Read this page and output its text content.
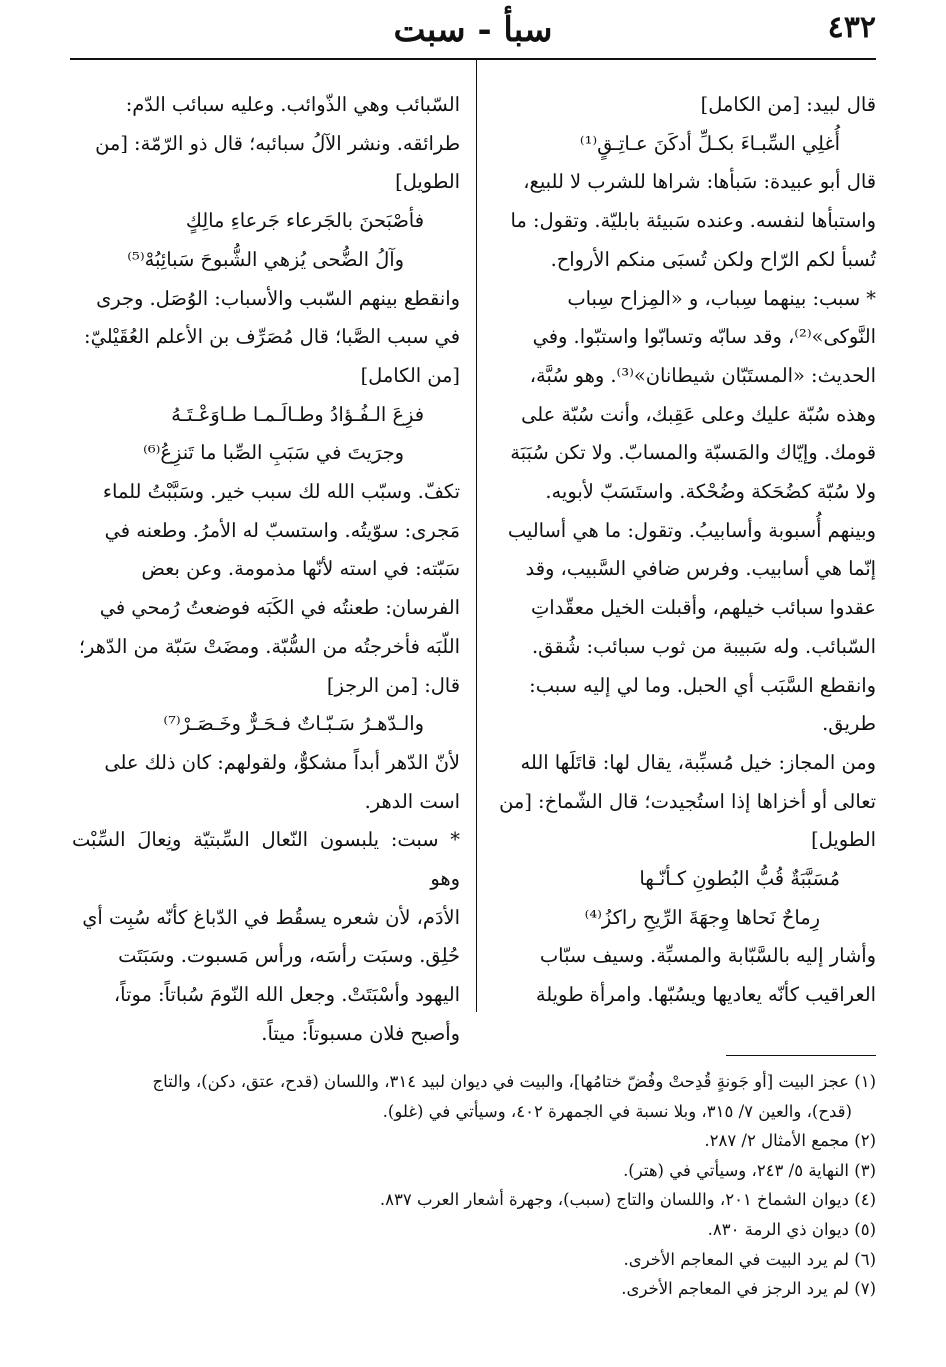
٤٣٢
سبأ - سبت

قال لبيد: [من الكامل]

أُغلِي السِّبـاءَ بكـلِّ أدكَنَ عـاتِـقٍ⁽¹⁾

قال أبو عبيدة: سَبأها: شراها للشرب لا للبيع،

واستبأها لنفسه. وعنده سَبيئة بابليّة. وتقول: ما

تُسبأ لكم الرّاح ولكن تُسبَى منكم الأرواح.

* سبب: بينهما سِباب، و «المِزاح سِباب

النَّوكى»⁽²⁾، وقد سابّه وتسابّوا واستبّوا. وفي

الحديث: «المستَبّان شيطانان»⁽³⁾. وهو سُبَّة،

وهذه سُبّة عليك وعلى عَقِبك، وأنت سُبّة على

قومك. وإيّاك والمَسبّة والمسابّ. ولا تكن سُبَبَة

ولا سُبّة كضُحَكة وضُحْكة. واستَسَبّ لأبويه.

وبينهم أُسبوبة وأسابيبُ. وتقول: ما هي أساليب

إنّما هي أسابيب. وفرس ضافي السَّبيب، وقد

عقدوا سبائب خيلهم، وأقبلت الخيل معقّداتِ

السّبائب. وله سَبيبة من ثوب سبائب: شُقق.

وانقطع السَّبَب أي الحبل. وما لي إليه سبب:

طريق.

ومن المجاز: خيل مُسبِّبة، يقال لها: قاتَلَها الله

تعالى أو أخزاها إذا استُجيدت؛ قال الشّماخ: [من

الطويل]

مُسَبَّبَةٌ قُبُّ البُطونِ كـأنّـها

رِماحٌ نَحاها وِجهَةَ الرِّيحِ راكزُ⁽⁴⁾

وأشار إليه بالسَّبّابة والمسبِّة. وسيف سبّاب

العراقيب كأنّه يعاديها ويسُبّها. وامرأة طويلة

السّبائب وهي الذّوائب. وعليه سبائب الدّم:

طرائقه. ونشر الآلُ سبائبه؛ قال ذو الرّمّة: [من

الطويل]

فأصْبَحنَ بالجَرعاء جَرعاءِ مالِكٍ

وآلُ الضُّحى يُزهي الشُّبوحَ سَبائِبُهْ⁽⁵⁾

وانقطع بينهم السّبب والأسباب: الوُصَل. وجرى

في سبب الصَّبا؛ قال مُصَرِّف بن الأعلم العُقَيْليّ:

[من الكامل]

فزِعَ الـفُـؤادُ وطـالَـمـا طـاوَعْـتَـهُ

وجرَيتَ في سَبَبِ الصِّبا ما تَنزِعُ⁽⁶⁾

تكفّ. وسبّب الله لك سبب خير. وسَبَّبْتُ للماء

مَجرى: سوّيتُه. واستسبّ له الأمرُ. وطعنه في

سَبّته: في استه لأنّها مذمومة. وعن بعض

الفرسان: طعنتُه في الكَبَه فوضعتُ رُمحي في

اللّبَه فأخرجتُه من السُّبّة. ومضَتْ سَبّة من الدّهر؛

قال: [من الرجز]

والـدّهـرُ سَـبّـاتٌ فـحَـرٌّ وخَـصَـرْ⁽⁷⁾

لأنّ الدّهر أبداً مشكوٌّ، ولقولهم: كان ذلك على

است الدهر.

* سبت: يلبسون النّعال السِّبتيّة ونِعالَ السِّبْت وهو

الأدَم، لأن شعره يسقُط في الدّباغ كأنّه سُبِت أي

حُلِق. وسبَت رأسَه، ورأس مَسبوت. وسَبَتَت

اليهود وأسْبَتَتْ. وجعل الله النّومَ سُباتاً: موتاً،

وأصبح فلان مسبوتاً: ميتاً.

(١) عجز البيت [أو جَونةٍ قُدِحتْ وفُضّ ختامُها]، والبيت في ديوان لبيد ٣١٤، واللسان (قدح، عتق، دكن)، والتاج

(قدح)، والعين ٧/ ٣١٥، وبلا نسبة في الجمهرة ٤٠٢، وسيأتي في (غلو).

(٢) مجمع الأمثال ٢/ ٢٨٧.

(٣) النهاية ٥/ ٢٤٣، وسيأتي في (هتر).

(٤) ديوان الشماخ ٢٠١، واللسان والتاج (سبب)، وجهرة أشعار العرب ٨٣٧.

(٥) ديوان ذي الرمة ٨٣٠.

(٦) لم يرد البيت في المعاجم الأخرى.

(٧) لم يرد الرجز في المعاجم الأخرى.
